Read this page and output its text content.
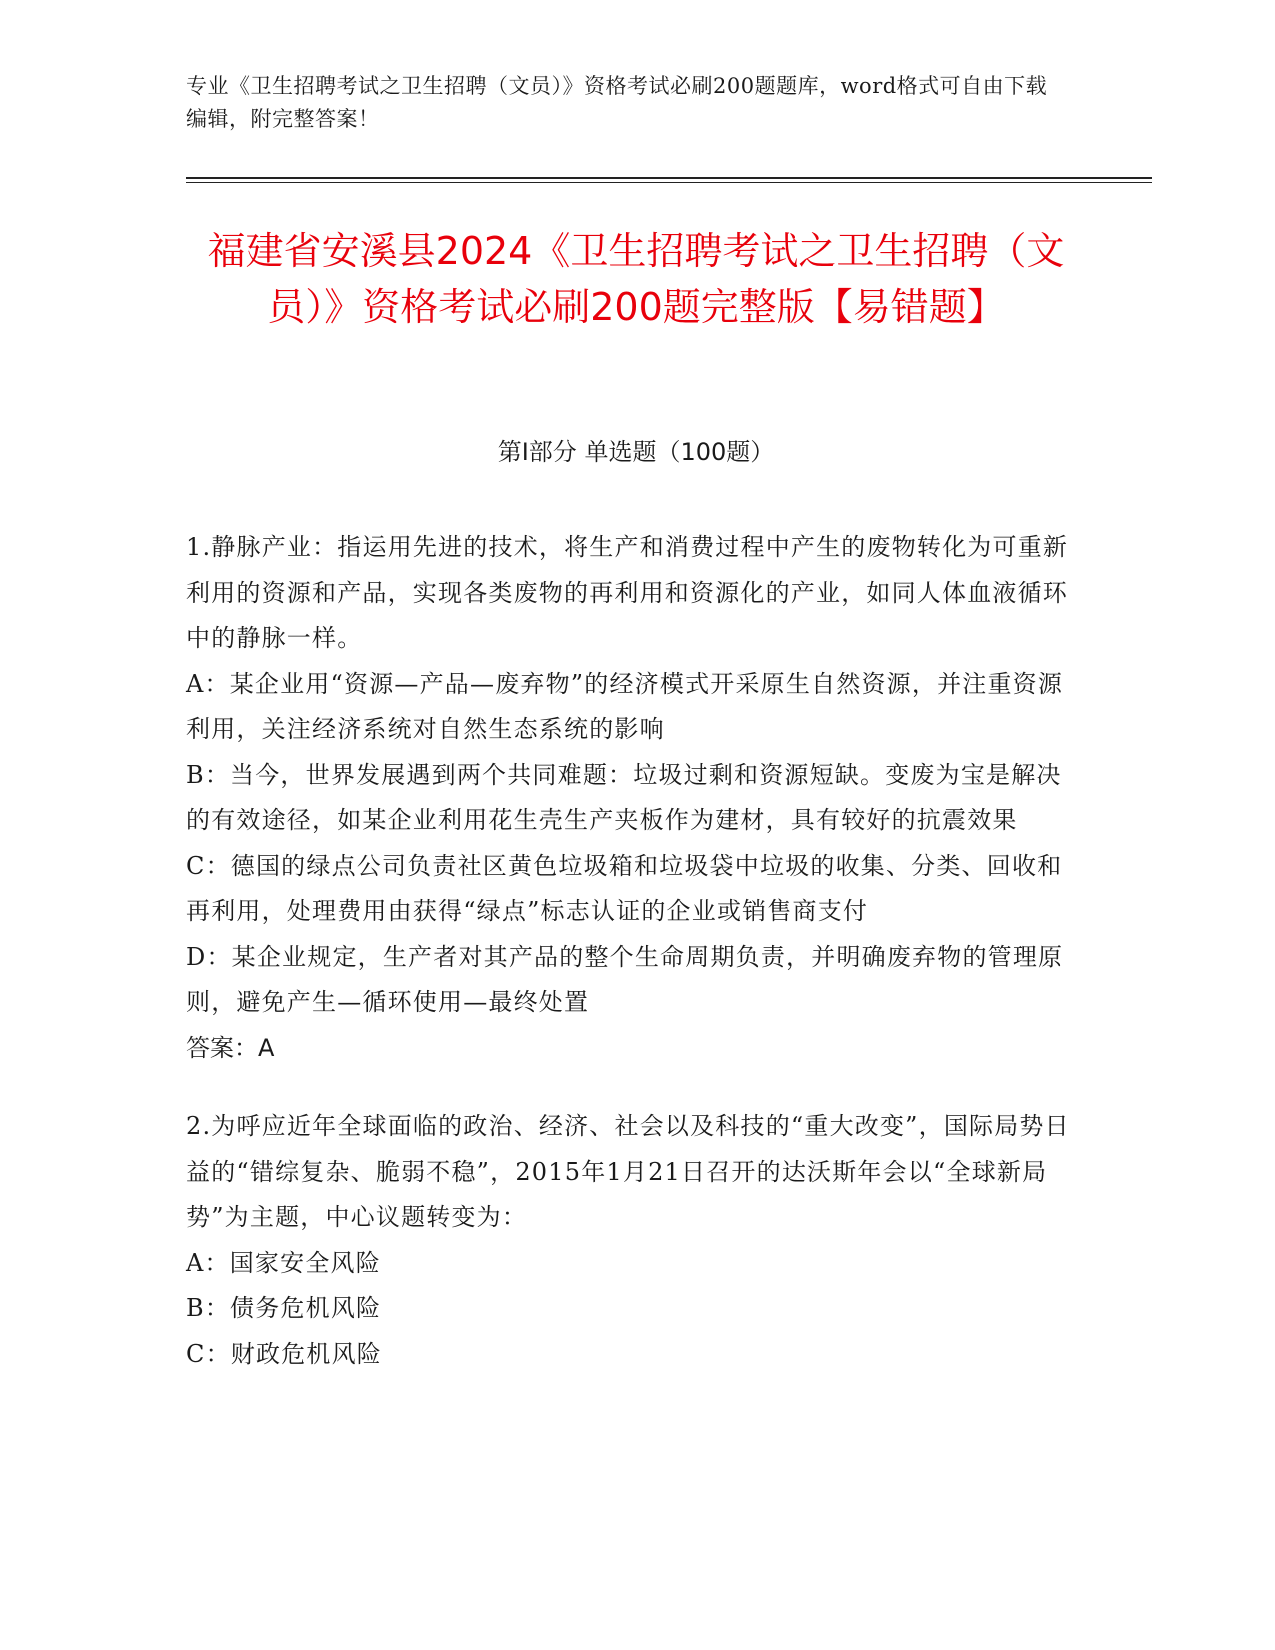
专业《卫生招聘考试之卫生招聘（文员）》资格考试必刷200题题库，word格式可自由下载编辑，附完整答案！
福建省安溪县2024《卫生招聘考试之卫生招聘（文员）》资格考试必刷200题完整版【易错题】
第Ⅰ部分 单选题（100题）

1.静脉产业：指运用先进的技术，将生产和消费过程中产生的废物转化为可重新利用的资源和产品，实现各类废物的再利用和资源化的产业，如同人体血液循环中的静脉一样。

A：某企业用“资源—产品—废弃物”的经济模式开采原生自然资源，并注重资源利用，关注经济系统对自然生态系统的影响

B：当今，世界发展遇到两个共同难题：垃圾过剩和资源短缺。变废为宝是解决的有效途径，如某企业利用花生壳生产夹板作为建材，具有较好的抗震效果

C：德国的绿点公司负责社区黄色垃圾箱和垃圾袋中垃圾的收集、分类、回收和再利用，处理费用由获得“绿点”标志认证的企业或销售商支付

D：某企业规定，生产者对其产品的整个生命周期负责，并明确废弃物的管理原则，避免产生—循环使用—最终处置

答案：A

2.为呼应近年全球面临的政治、经济、社会以及科技的“重大改变”，国际局势日益的“错综复杂、脆弱不稳”，2015年1月21日召开的达沃斯年会以“全球新局势”为主题，中心议题转变为：

A：国家安全风险

B：债务危机风险

C：财政危机风险
